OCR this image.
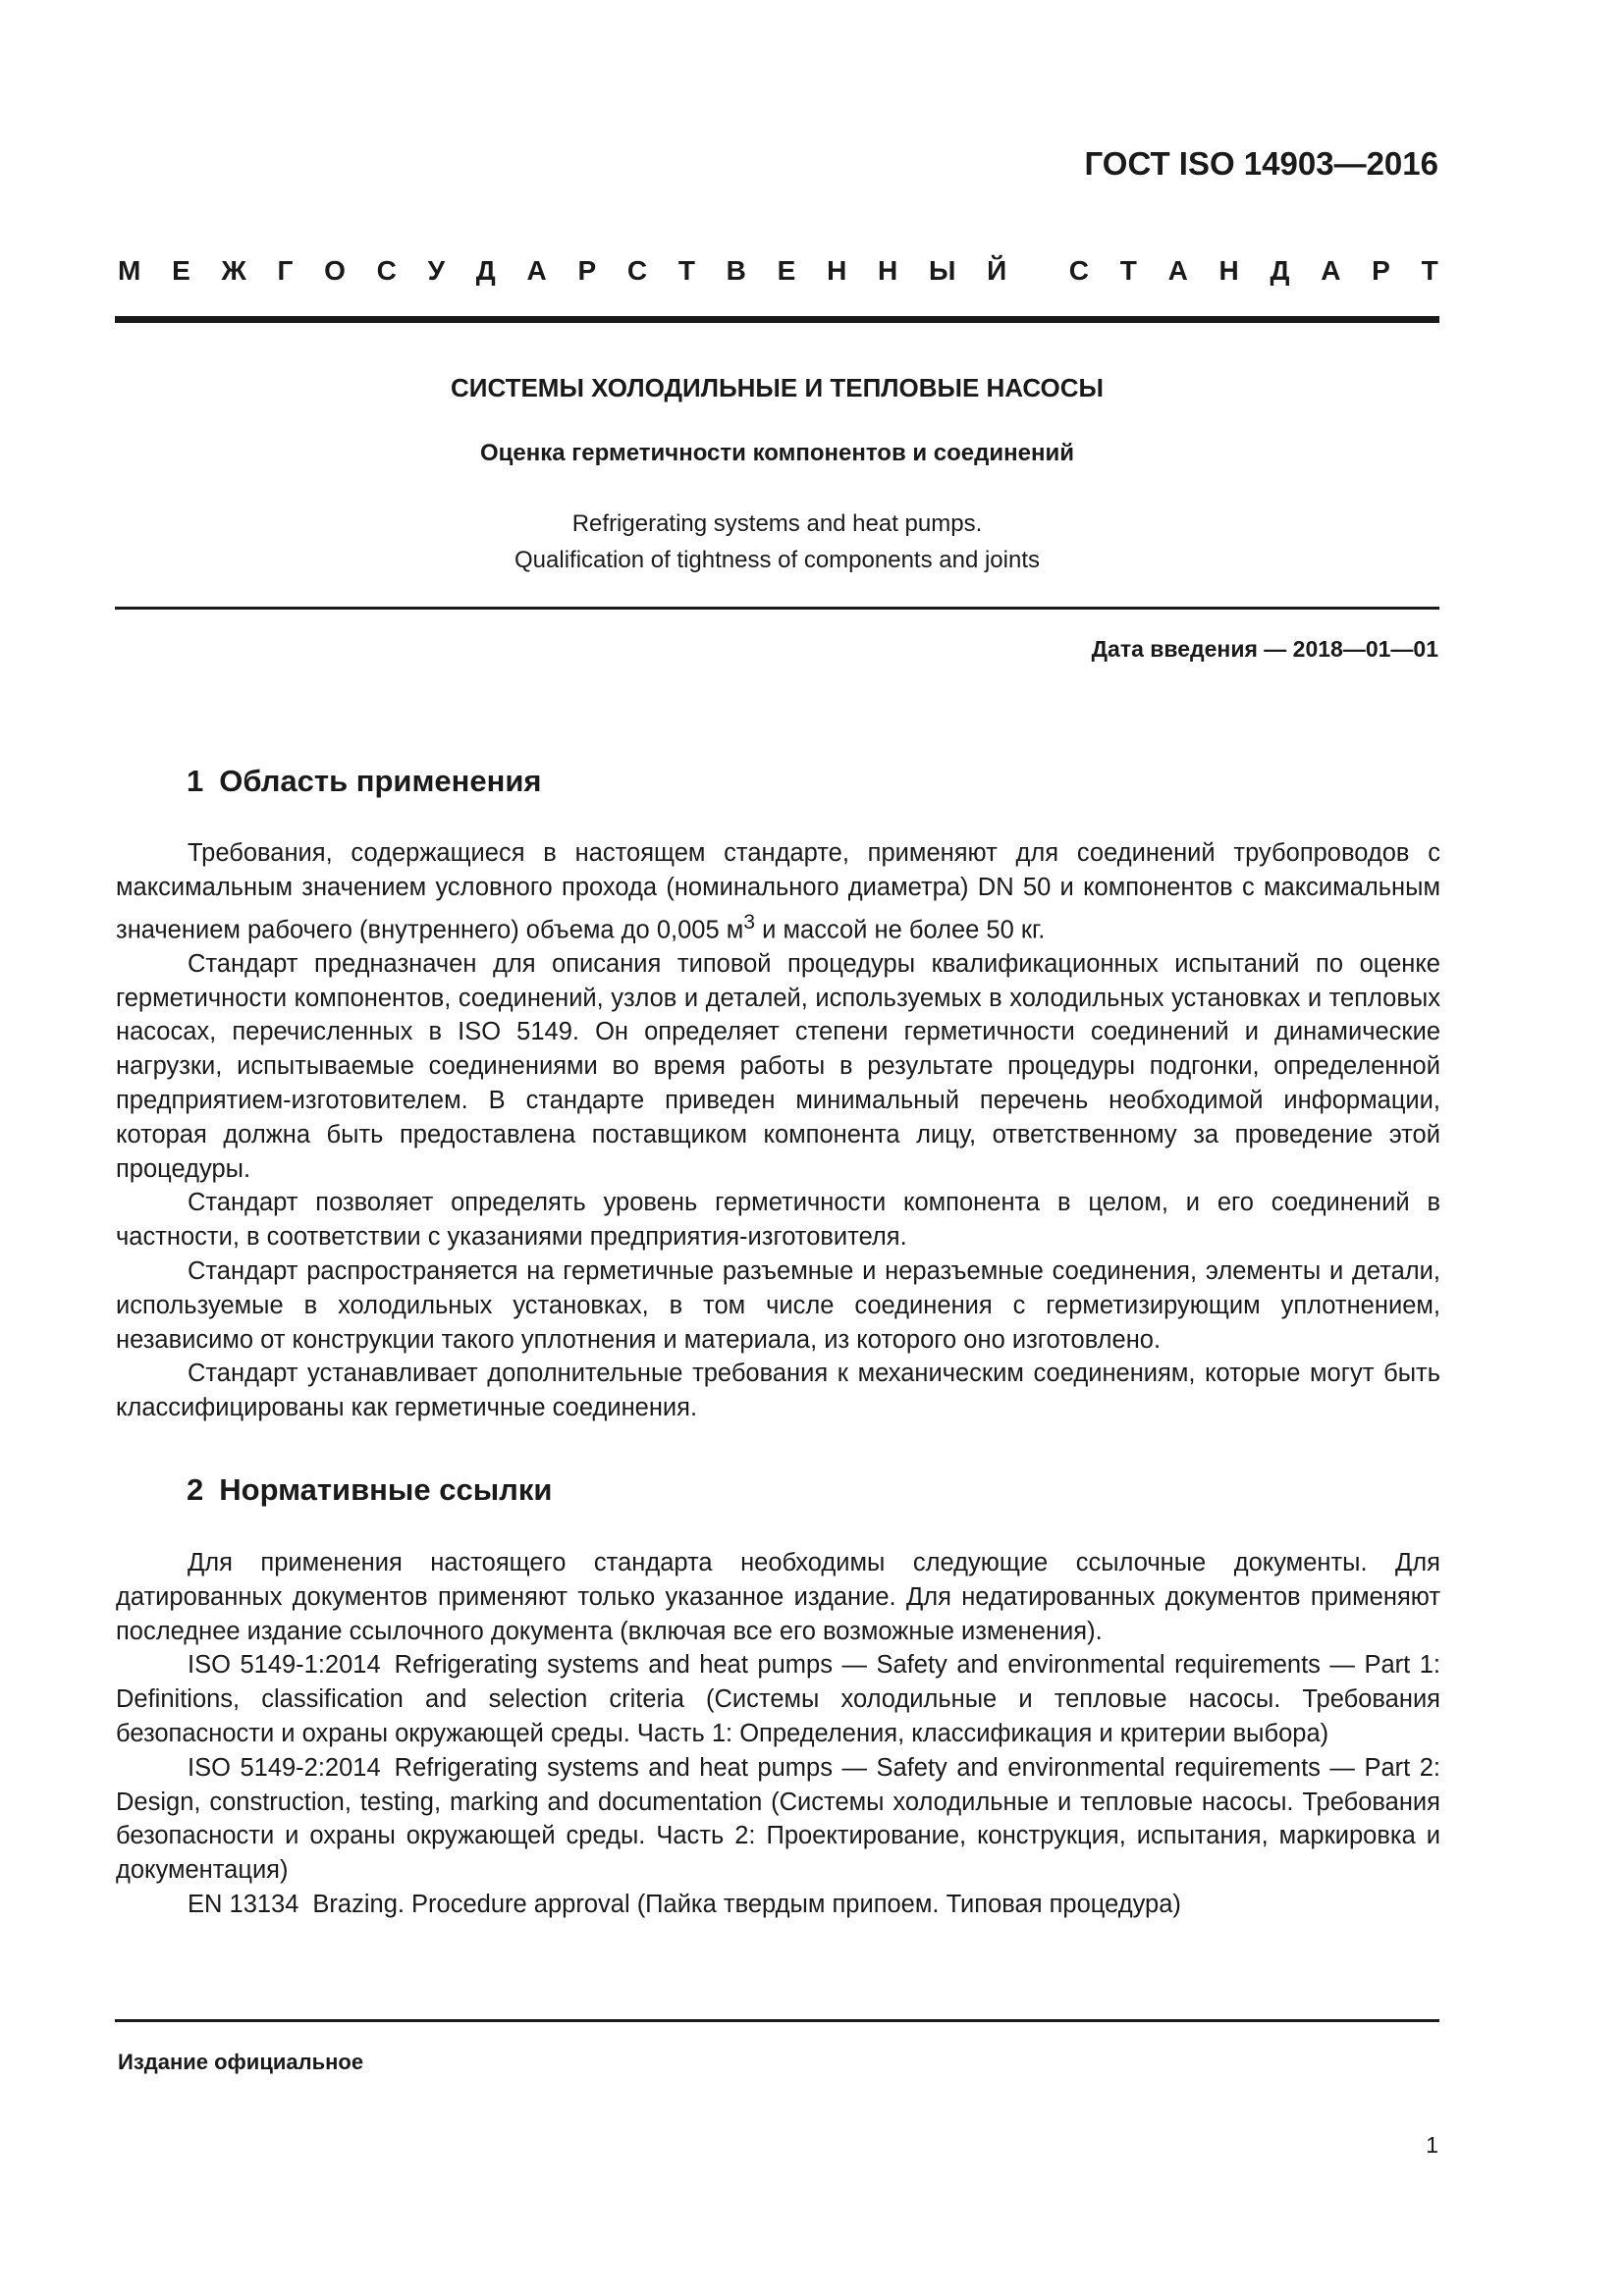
ГОСТ ISO 14903—2016
М Е Ж Г О С У Д А Р С Т В Е Н Н Ы Й С Т А Н Д А Р Т
СИСТЕМЫ ХОЛОДИЛЬНЫЕ И ТЕПЛОВЫЕ НАСОСЫ
Оценка герметичности компонентов и соединений
Refrigerating systems and heat pumps.
Qualification of tightness of components and joints
Дата введения — 2018—01—01
1 Область применения

Требования, содержащиеся в настоящем стандарте, применяют для соединений трубопроводов с максимальным значением условного прохода (номинального диаметра) DN 50 и компонентов с максимальным значением рабочего (внутреннего) объема до 0,005 $м^3$ и массой не более 50 кг.

Стандарт предназначен для описания типовой процедуры квалификационных испытаний по оценке герметичности компонентов, соединений, узлов и деталей, используемых в холодильных установках и тепловых насосах, перечисленных в ISO 5149. Он определяет степени герметичности соединений и динамические нагрузки, испытываемые соединениями во время работы в результате процедуры подгонки, определенной предприятием-изготовителем. В стандарте приведен минимальный перечень необходимой информации, которая должна быть предоставлена поставщиком компонента лицу, ответственному за проведение этой процедуры.

Стандарт позволяет определять уровень герметичности компонента в целом, и его соединений в частности, в соответствии с указаниями предприятия-изготовителя.

Стандарт распространяется на герметичные разъемные и неразъемные соединения, элементы и детали, используемые в холодильных установках, в том числе соединения с герметизирующим уплотнением, независимо от конструкции такого уплотнения и материала, из которого оно изготовлено.

Стандарт устанавливает дополнительные требования к механическим соединениям, которые могут быть классифицированы как герметичные соединения.

2 Нормативные ссылки

Для применения настоящего стандарта необходимы следующие ссылочные документы. Для датированных документов применяют только указанное издание. Для недатированных документов применяют последнее издание ссылочного документа (включая все его возможные изменения).

ISO 5149-1:2014 Refrigerating systems and heat pumps — Safety and environmental requirements — Part 1: Definitions, classification and selection criteria (Системы холодильные и тепловые насосы. Требования безопасности и охраны окружающей среды. Часть 1: Определения, классификация и критерии выбора)

ISO 5149-2:2014 Refrigerating systems and heat pumps — Safety and environmental requirements — Part 2: Design, construction, testing, marking and documentation (Системы холодильные и тепловые насосы. Требования безопасности и охраны окружающей среды. Часть 2: Проектирование, конструкция, испытания, маркировка и документация)

EN 13134 Brazing. Procedure approval (Пайка твердым припоем. Типовая процедура)

Издание официальное
1
